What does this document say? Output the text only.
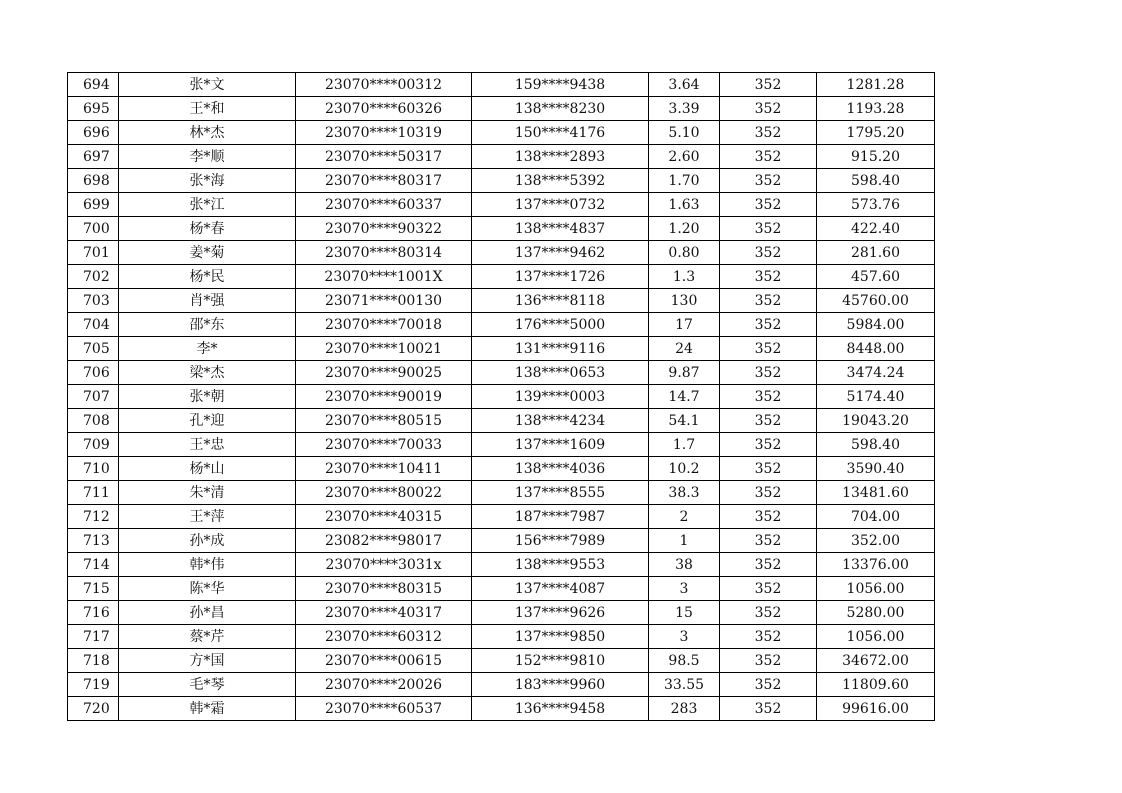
694	张*文	23070****00312	159****9438	3.64	352	1281.28
695	王*和	23070****60326	138****8230	3.39	352	1193.28
696	林*杰	23070****10319	150****4176	5.10	352	1795.20
697	李*顺	23070****50317	138****2893	2.60	352	915.20
698	张*海	23070****80317	138****5392	1.70	352	598.40
699	张*江	23070****60337	137****0732	1.63	352	573.76
700	杨*春	23070****90322	138****4837	1.20	352	422.40
701	姜*菊	23070****80314	137****9462	0.80	352	281.60
702	杨*民	23070****1001X	137****1726	1.3	352	457.60
703	肖*强	23071****00130	136****8118	130	352	45760.00
704	邵*东	23070****70018	176****5000	17	352	5984.00
705	李*	23070****10021	131****9116	24	352	8448.00
706	梁*杰	23070****90025	138****0653	9.87	352	3474.24
707	张*朝	23070****90019	139****0003	14.7	352	5174.40
708	孔*迎	23070****80515	138****4234	54.1	352	19043.20
709	王*忠	23070****70033	137****1609	1.7	352	598.40
710	杨*山	23070****10411	138****4036	10.2	352	3590.40
711	朱*清	23070****80022	137****8555	38.3	352	13481.60
712	王*萍	23070****40315	187****7987	2	352	704.00
713	孙*成	23082****98017	156****7989	1	352	352.00
714	韩*伟	23070****3031x	138****9553	38	352	13376.00
715	陈*华	23070****80315	137****4087	3	352	1056.00
716	孙*昌	23070****40317	137****9626	15	352	5280.00
717	蔡*芹	23070****60312	137****9850	3	352	1056.00
718	方*国	23070****00615	152****9810	98.5	352	34672.00
719	毛*琴	23070****20026	183****9960	33.55	352	11809.60
720	韩*霜	23070****60537	136****9458	283	352	99616.00
